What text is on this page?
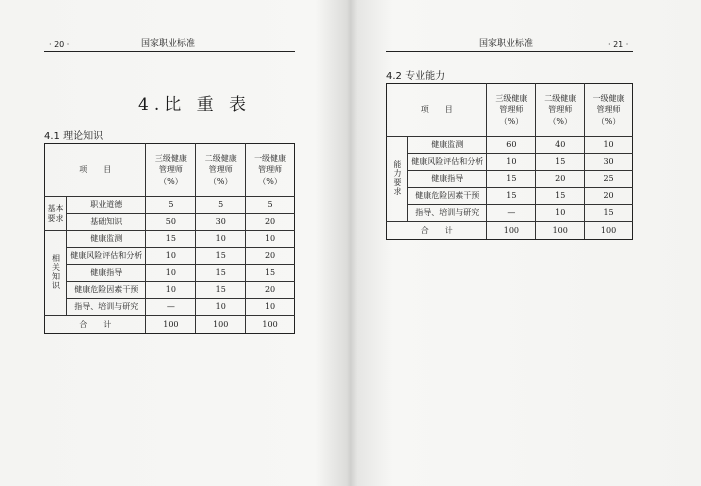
· 20 ·	国家职业标准
4.比 重 表
4.1 理论知识
项　　目		三级健康
管理师
（%）	二级健康
管理师
（%）	一级健康
管理师
（%）
基本
要求	职业道德	5	5	5
	基础知识	50	30	20
相关知识	健康监测	15	10	10
	健康风险评估和分析	10	15	20
	健康指导	10	15	15
	健康危险因素干预	10	15	20
	指导、培训与研究	—	10	10
合　　计		100	100	100
国家职业标准	· 21 ·
4.2 专业能力
项　　目		三级健康
管理师
（%）	二级健康
管理师
（%）	一级健康
管理师
（%）
能力要求	健康监测	60	40	10
	健康风险评估和分析	10	15	30
	健康指导	15	20	25
	健康危险因素干预	15	15	20
	指导、培训与研究	—	10	15
合　　计		100	100	100
